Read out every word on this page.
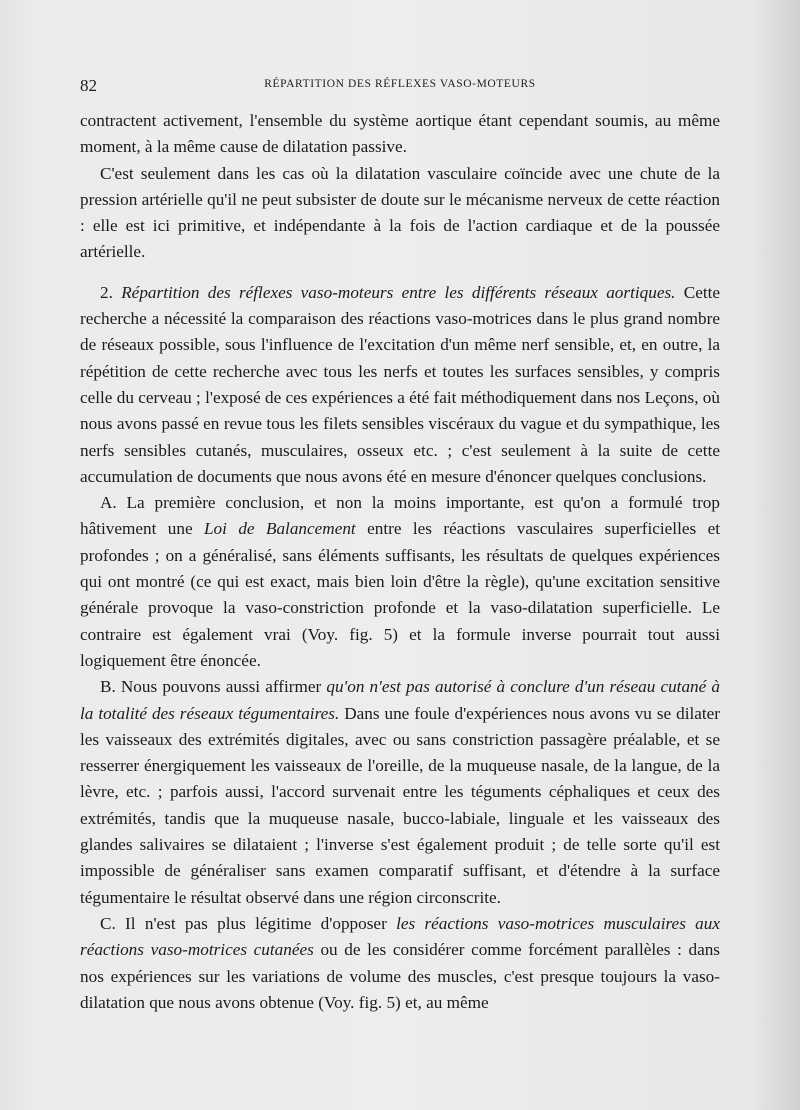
82	RÉPARTITION DES RÉFLEXES VASO-MOTEURS

contractent activement, l'ensemble du système aortique étant cependant soumis, au même moment, à la même cause de dilatation passive.

C'est seulement dans les cas où la dilatation vasculaire coïncide avec une chute de la pression artérielle qu'il ne peut subsister de doute sur le mécanisme nerveux de cette réaction : elle est ici primitive, et indépendante à la fois de l'action cardiaque et de la poussée artérielle.

2. Répartition des réflexes vaso-moteurs entre les différents réseaux aortiques. Cette recherche a nécessité la comparaison des réactions vaso-motrices dans le plus grand nombre de réseaux possible, sous l'influence de l'excitation d'un même nerf sensible, et, en outre, la répétition de cette recherche avec tous les nerfs et toutes les surfaces sensibles, y compris celle du cerveau ; l'exposé de ces expériences a été fait méthodiquement dans nos Leçons, où nous avons passé en revue tous les filets sensibles viscéraux du vague et du sympathique, les nerfs sensibles cutanés, musculaires, osseux etc. ; c'est seulement à la suite de cette accumulation de documents que nous avons été en mesure d'énoncer quelques conclusions.

A. La première conclusion, et non la moins importante, est qu'on a formulé trop hâtivement une Loi de Balancement entre les réactions vasculaires superficielles et profondes ; on a généralisé, sans éléments suffisants, les résultats de quelques expériences qui ont montré (ce qui est exact, mais bien loin d'être la règle), qu'une excitation sensitive générale provoque la vaso-constriction profonde et la vaso-dilatation superficielle. Le contraire est également vrai (Voy. fig. 5) et la formule inverse pourrait tout aussi logiquement être énoncée.

B. Nous pouvons aussi affirmer qu'on n'est pas autorisé à conclure d'un réseau cutané à la totalité des réseaux tégumentaires. Dans une foule d'expériences nous avons vu se dilater les vaisseaux des extrémités digitales, avec ou sans constriction passagère préalable, et se resserrer énergiquement les vaisseaux de l'oreille, de la muqueuse nasale, de la langue, de la lèvre, etc. ; parfois aussi, l'accord survenait entre les téguments céphaliques et ceux des extrémités, tandis que la muqueuse nasale, bucco-labiale, linguale et les vaisseaux des glandes salivaires se dilataient ; l'inverse s'est également produit ; de telle sorte qu'il est impossible de généraliser sans examen comparatif suffisant, et d'étendre à la surface tégumentaire le résultat observé dans une région circonscrite.

C. Il n'est pas plus légitime d'opposer les réactions vaso-motrices musculaires aux réactions vaso-motrices cutanées ou de les considérer comme forcément parallèles : dans nos expériences sur les variations de volume des muscles, c'est presque toujours la vaso-dilatation que nous avons obtenue (Voy. fig. 5) et, au même
